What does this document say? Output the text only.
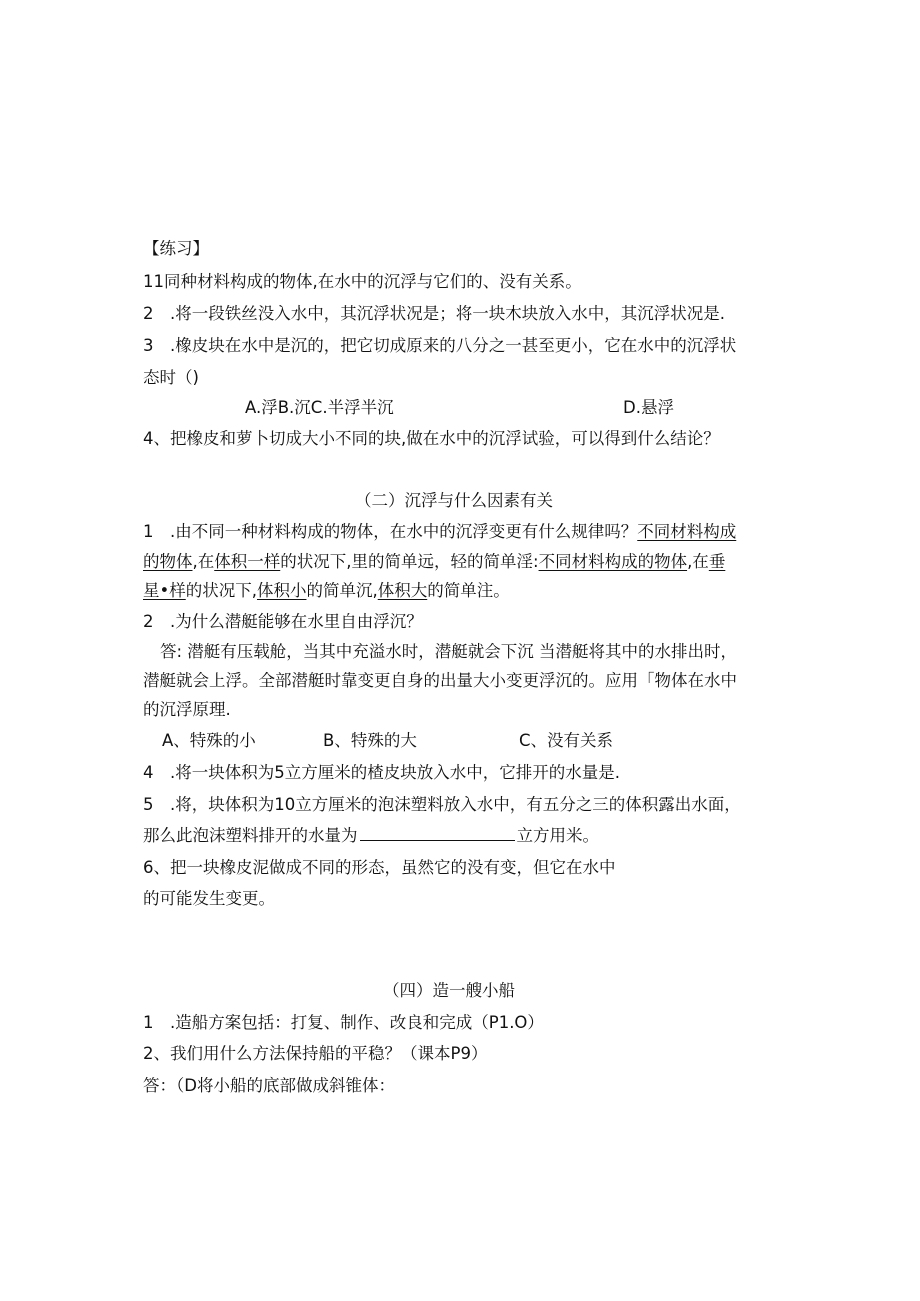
【练习】
11同种材料构成的物体,在水中的沉浮与它们的、没有关系。
2　.将一段铁丝没入水中，其沉浮状况是；将一块木块放入水中，其沉浮状况是.
3　.橡皮块在水中是沉的，把它切成原来的八分之一甚至更小，它在水中的沉浮状
态时（)
A.浮B.沉C.半浮半沉	D.悬浮
4、把橡皮和萝卜切成大小不同的块,做在水中的沉浮试验，可以得到什么结论？
（二）沉浮与什么因素有关
1　.由不同一种材料构成的物体，在水中的沉浮变更有什么规律吗？不同材料构成
的物体,在体积一样的状况下,里的简单远，轻的简单淫:不同材料构成的物体,在垂
星•样的状况下,体积小的简单沉,体积大的简单注。
2　.为什么潜艇能够在水里自由浮沉？
答: 潜艇有压载舱，当其中充溢水时，潜艇就会下沉 当潜艇将其中的水排出时，
潜艇就会上浮。全部潜艇时靠变更自身的出量大小变更浮沉的。应用「物体在水中
的沉浮原理.
A、特殊的小	B、特殊的大	C、没有关系
4　.将一块体积为5立方厘米的楂皮块放入水中，它排开的水量是.
5　.将，块体积为10立方厘米的泡沫塑料放入水中，有五分之三的体积露出水面，
那么此泡沫塑料排开的水量为	立方用米。
6、把一块橡皮泥做成不同的形态，虽然它的没有变，但它在水中
的可能发生变更。
（四）造一艘小船
1　.造船方案包括：打复、制作、改良和完成（P1.O）
2、我们用什么方法保持船的平稳？（课本P9）
答：（D将小船的底部做成斜锥体：
